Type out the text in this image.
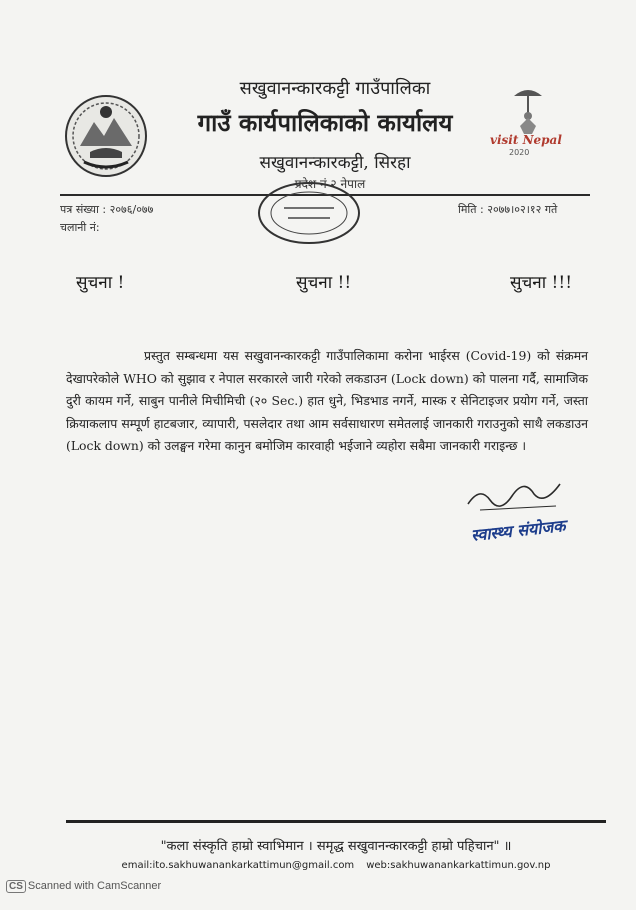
सखुवानन्कारकट्टी गाउँपालिका
गाउँ कार्यपालिकाको कार्यालय
सखुवानन्कारकट्टी, सिरहा
प्रदेश नं २ नेपाल
visit Nepal
2020
पत्र संख्या : २०७६/०७७
चलानी नं:
मिति : २०७७।०२।१२ गते
सुचना !	सुचना !!	सुचना !!!
प्रस्तुत सम्बन्धमा यस सखुवानन्कारकट्टी गाउँपालिकामा करोना भाईरस (Covid-19) को संक्रमन देखापरेकोले WHO को सुझाव र नेपाल सरकारले जारी गरेको लकडाउन (Lock down) को पालना गर्दै, सामाजिक दुरी कायम गर्ने, साबुन पानीले मिचीमिची (२० Sec.) हात धुने, भिडभाड नगर्ने, मास्क र सेनिटाइजर प्रयोग गर्ने, जस्ता क्रियाकलाप सम्पूर्ण हाटबजार, व्यापारी, पसलेदार तथा आम सर्वसाधारण समेतलाई जानकारी गराउनुको साथै लकडाउन (Lock down) को उलङ्घन गरेमा कानुन बमोजिम कारवाही भईजाने व्यहोरा सबैमा जानकारी गराइन्छ ।
स्वास्थ्य संयोजक
"कला संस्कृति हाम्रो स्वाभिमान । समृद्ध सखुवानन्कारकट्टी हाम्रो पहिचान" ॥
email:ito.sakhuwanankarkattimun@gmail.com web:sakhuwanankarkattimun.gov.np
CS Scanned with CamScanner
